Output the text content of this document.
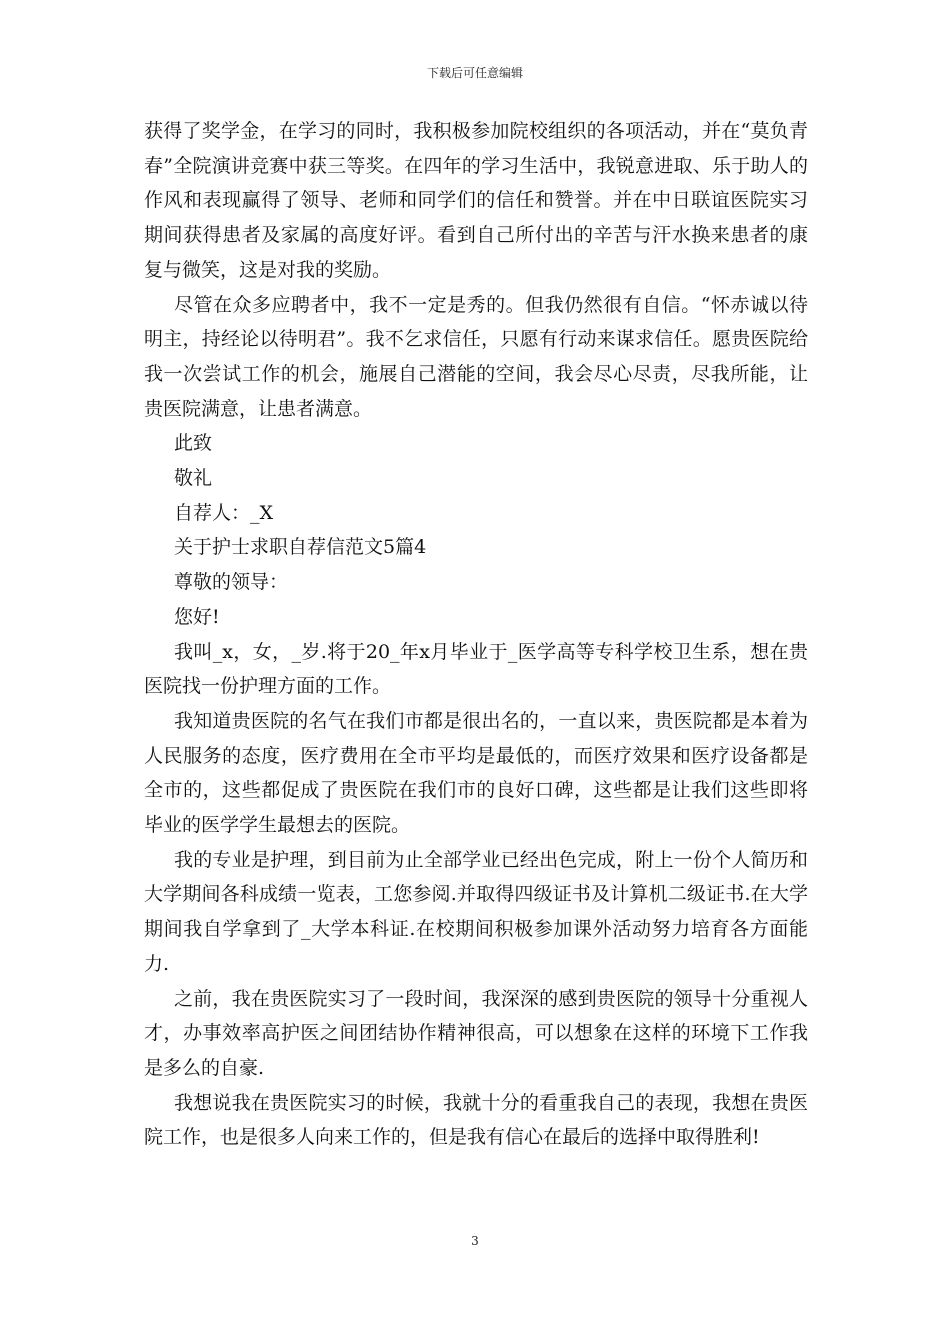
下载后可任意编辑

获得了奖学金，在学习的同时，我积极参加院校组织的各项活动，并在“莫负青春”全院演讲竞赛中获三等奖。在四年的学习生活中，我锐意进取、乐于助人的作风和表现赢得了领导、老师和同学们的信任和赞誉。并在中日联谊医院实习期间获得患者及家属的高度好评。看到自己所付出的辛苦与汗水换来患者的康复与微笑，这是对我的奖励。

尽管在众多应聘者中，我不一定是秀的。但我仍然很有自信。“怀赤诚以待明主，持经论以待明君”。我不乞求信任，只愿有行动来谋求信任。愿贵医院给我一次尝试工作的机会，施展自己潜能的空间，我会尽心尽责，尽我所能，让贵医院满意，让患者满意。

此致

敬礼

自荐人：_X

关于护士求职自荐信范文5篇4

尊敬的领导：

您好!

我叫_x，女，_岁.将于20_年x月毕业于_医学高等专科学校卫生系，想在贵医院找一份护理方面的工作。

我知道贵医院的名气在我们市都是很出名的，一直以来，贵医院都是本着为人民服务的态度，医疗费用在全市平均是最低的，而医疗效果和医疗设备都是全市的，这些都促成了贵医院在我们市的良好口碑，这些都是让我们这些即将毕业的医学学生最想去的医院。

我的专业是护理，到目前为止全部学业已经出色完成，附上一份个人简历和大学期间各科成绩一览表，工您参阅.并取得四级证书及计算机二级证书.在大学期间我自学拿到了_大学本科证.在校期间积极参加课外活动努力培育各方面能力.

之前，我在贵医院实习了一段时间，我深深的感到贵医院的领导十分重视人才，办事效率高护医之间团结协作精神很高，可以想象在这样的环境下工作我是多么的自豪.

我想说我在贵医院实习的时候，我就十分的看重我自己的表现，我想在贵医院工作，也是很多人向来工作的，但是我有信心在最后的选择中取得胜利!

3
